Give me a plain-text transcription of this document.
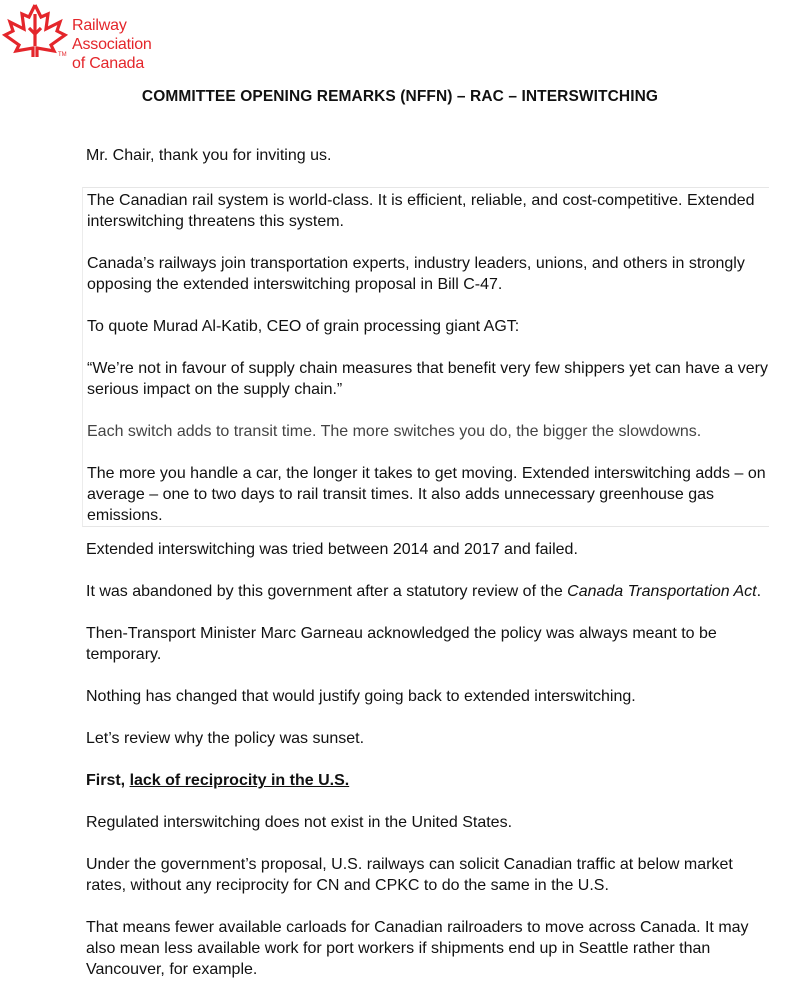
TM
Railway Association
of Canada
COMMITTEE OPENING REMARKS (NFFN) – RAC – INTERSWITCHING

Mr. Chair, thank you for inviting us.

The Canadian rail system is world-class. It is efficient, reliable, and cost-competitive. Extended interswitching threatens this system.

Canada’s railways join transportation experts, industry leaders, unions, and others in strongly opposing the extended interswitching proposal in Bill C-47.

To quote Murad Al-Katib, CEO of grain processing giant AGT:

“We’re not in favour of supply chain measures that benefit very few shippers yet can have a very serious impact on the supply chain.”

Each switch adds to transit time. The more switches you do, the bigger the slowdowns.

The more you handle a car, the longer it takes to get moving. Extended interswitching adds – on average – one to two days to rail transit times. It also adds unnecessary greenhouse gas emissions.

Extended interswitching was tried between 2014 and 2017 and failed.

It was abandoned by this government after a statutory review of the Canada Transportation Act.

Then-Transport Minister Marc Garneau acknowledged the policy was always meant to be temporary.

Nothing has changed that would justify going back to extended interswitching.

Let’s review why the policy was sunset.

First, lack of reciprocity in the U.S.

Regulated interswitching does not exist in the United States.

Under the government’s proposal, U.S. railways can solicit Canadian traffic at below market rates, without any reciprocity for CN and CPKC to do the same in the U.S.

That means fewer available carloads for Canadian railroaders to move across Canada. It may also mean less available work for port workers if shipments end up in Seattle rather than Vancouver, for example.
